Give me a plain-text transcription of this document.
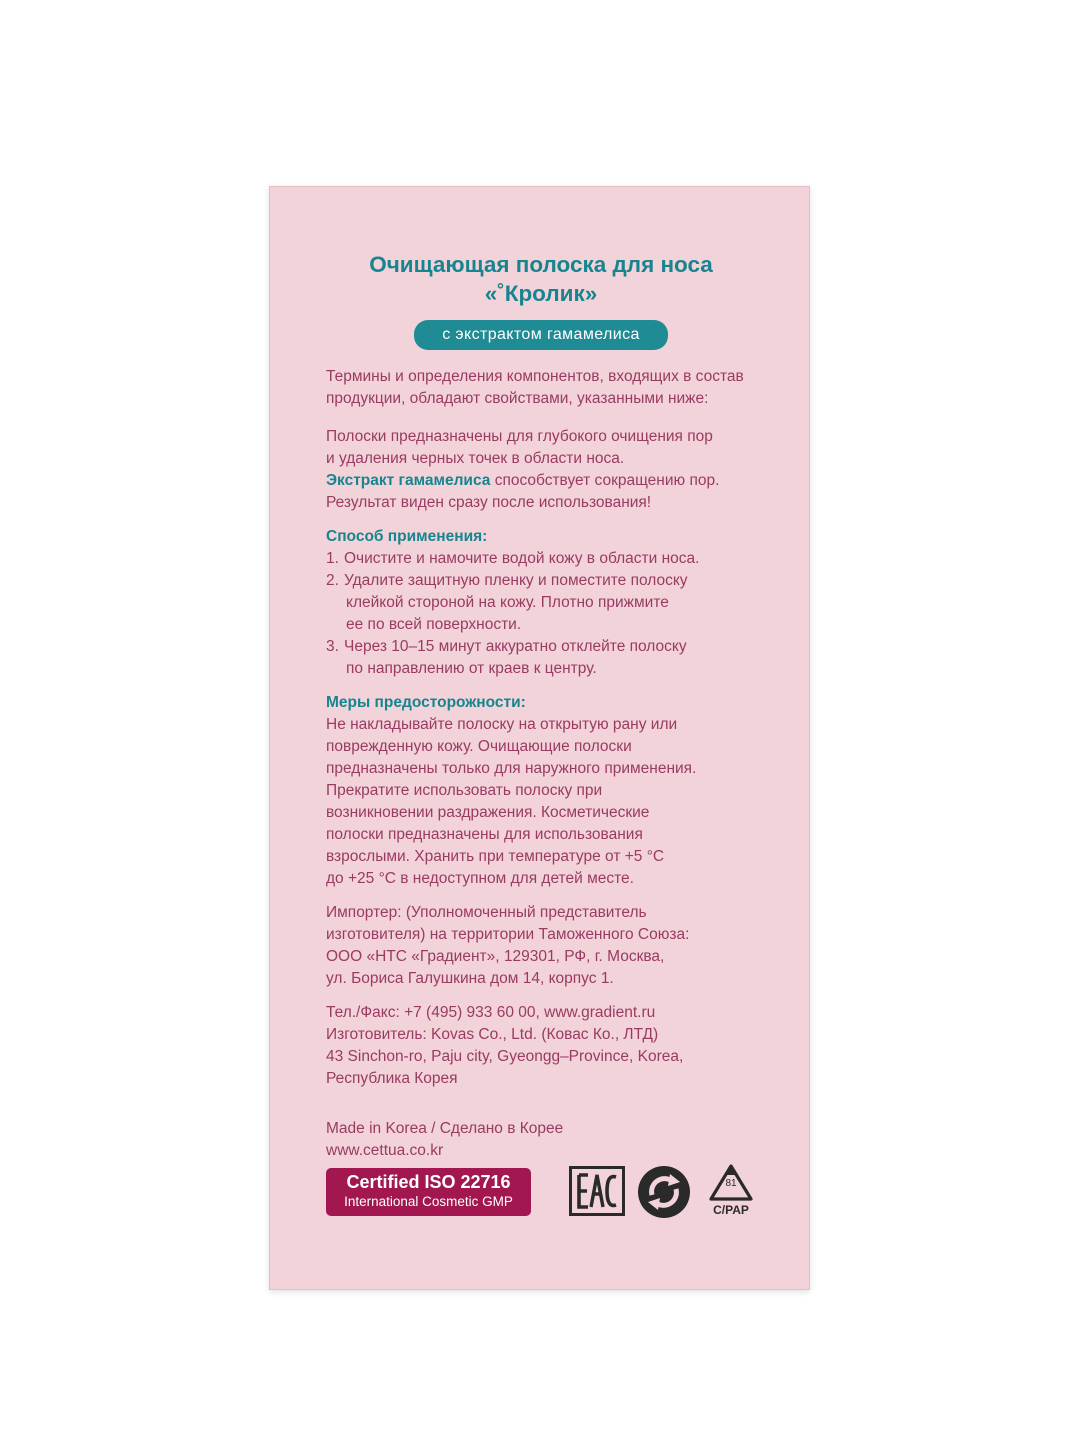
Очищающая полоска для носа
«˚Кролик»
с экстрактом гамамелиса

Термины и определения компонентов, входящих в состав
продукции, обладают свойствами, указанными ниже:

Полоски предназначены для глубокого очищения пор
и удаления черных точек в области носа.
Экстракт гамамелиса способствует сокращению пор.
Результат виден сразу после использования!

Способ применения:

1. Очистите и намочите водой кожу в области носа.
2. Удалите защитную пленку и поместите полоску
клейкой стороной на кожу. Плотно прижмите
ее по всей поверхности.
3. Через 10–15 минут аккуратно отклейте полоску
по направлению от краев к центру.

Меры предосторожности:

Не накладывайте полоску на открытую рану или
поврежденную кожу. Очищающие полоски
предназначены только для наружного применения.
Прекратите использовать полоску при
возникновении раздражения. Косметические
полоски предназначены для использования
взрослыми. Хранить при температуре от +5 °C
до +25 °C в недоступном для детей месте.

Импортер: (Уполномоченный представитель
изготовителя) на территории Таможенного Союза:
ООО «НТС «Градиент», 129301, РФ, г. Москва,
ул. Бориса Галушкина дом 14, корпус 1.

Тел./Факс: +7 (495) 933 60 00, www.gradient.ru
Изготовитель: Kovas Co., Ltd. (Ковас Ко., ЛТД)
43 Sinchon-ro, Paju city, Gyeongg–Province, Korea,
Республика Корея

Made in Korea / Сделано в Корее
www.cettua.co.kr

Certified ISO 22716
International Cosmetic GMP
81
C/PAP
